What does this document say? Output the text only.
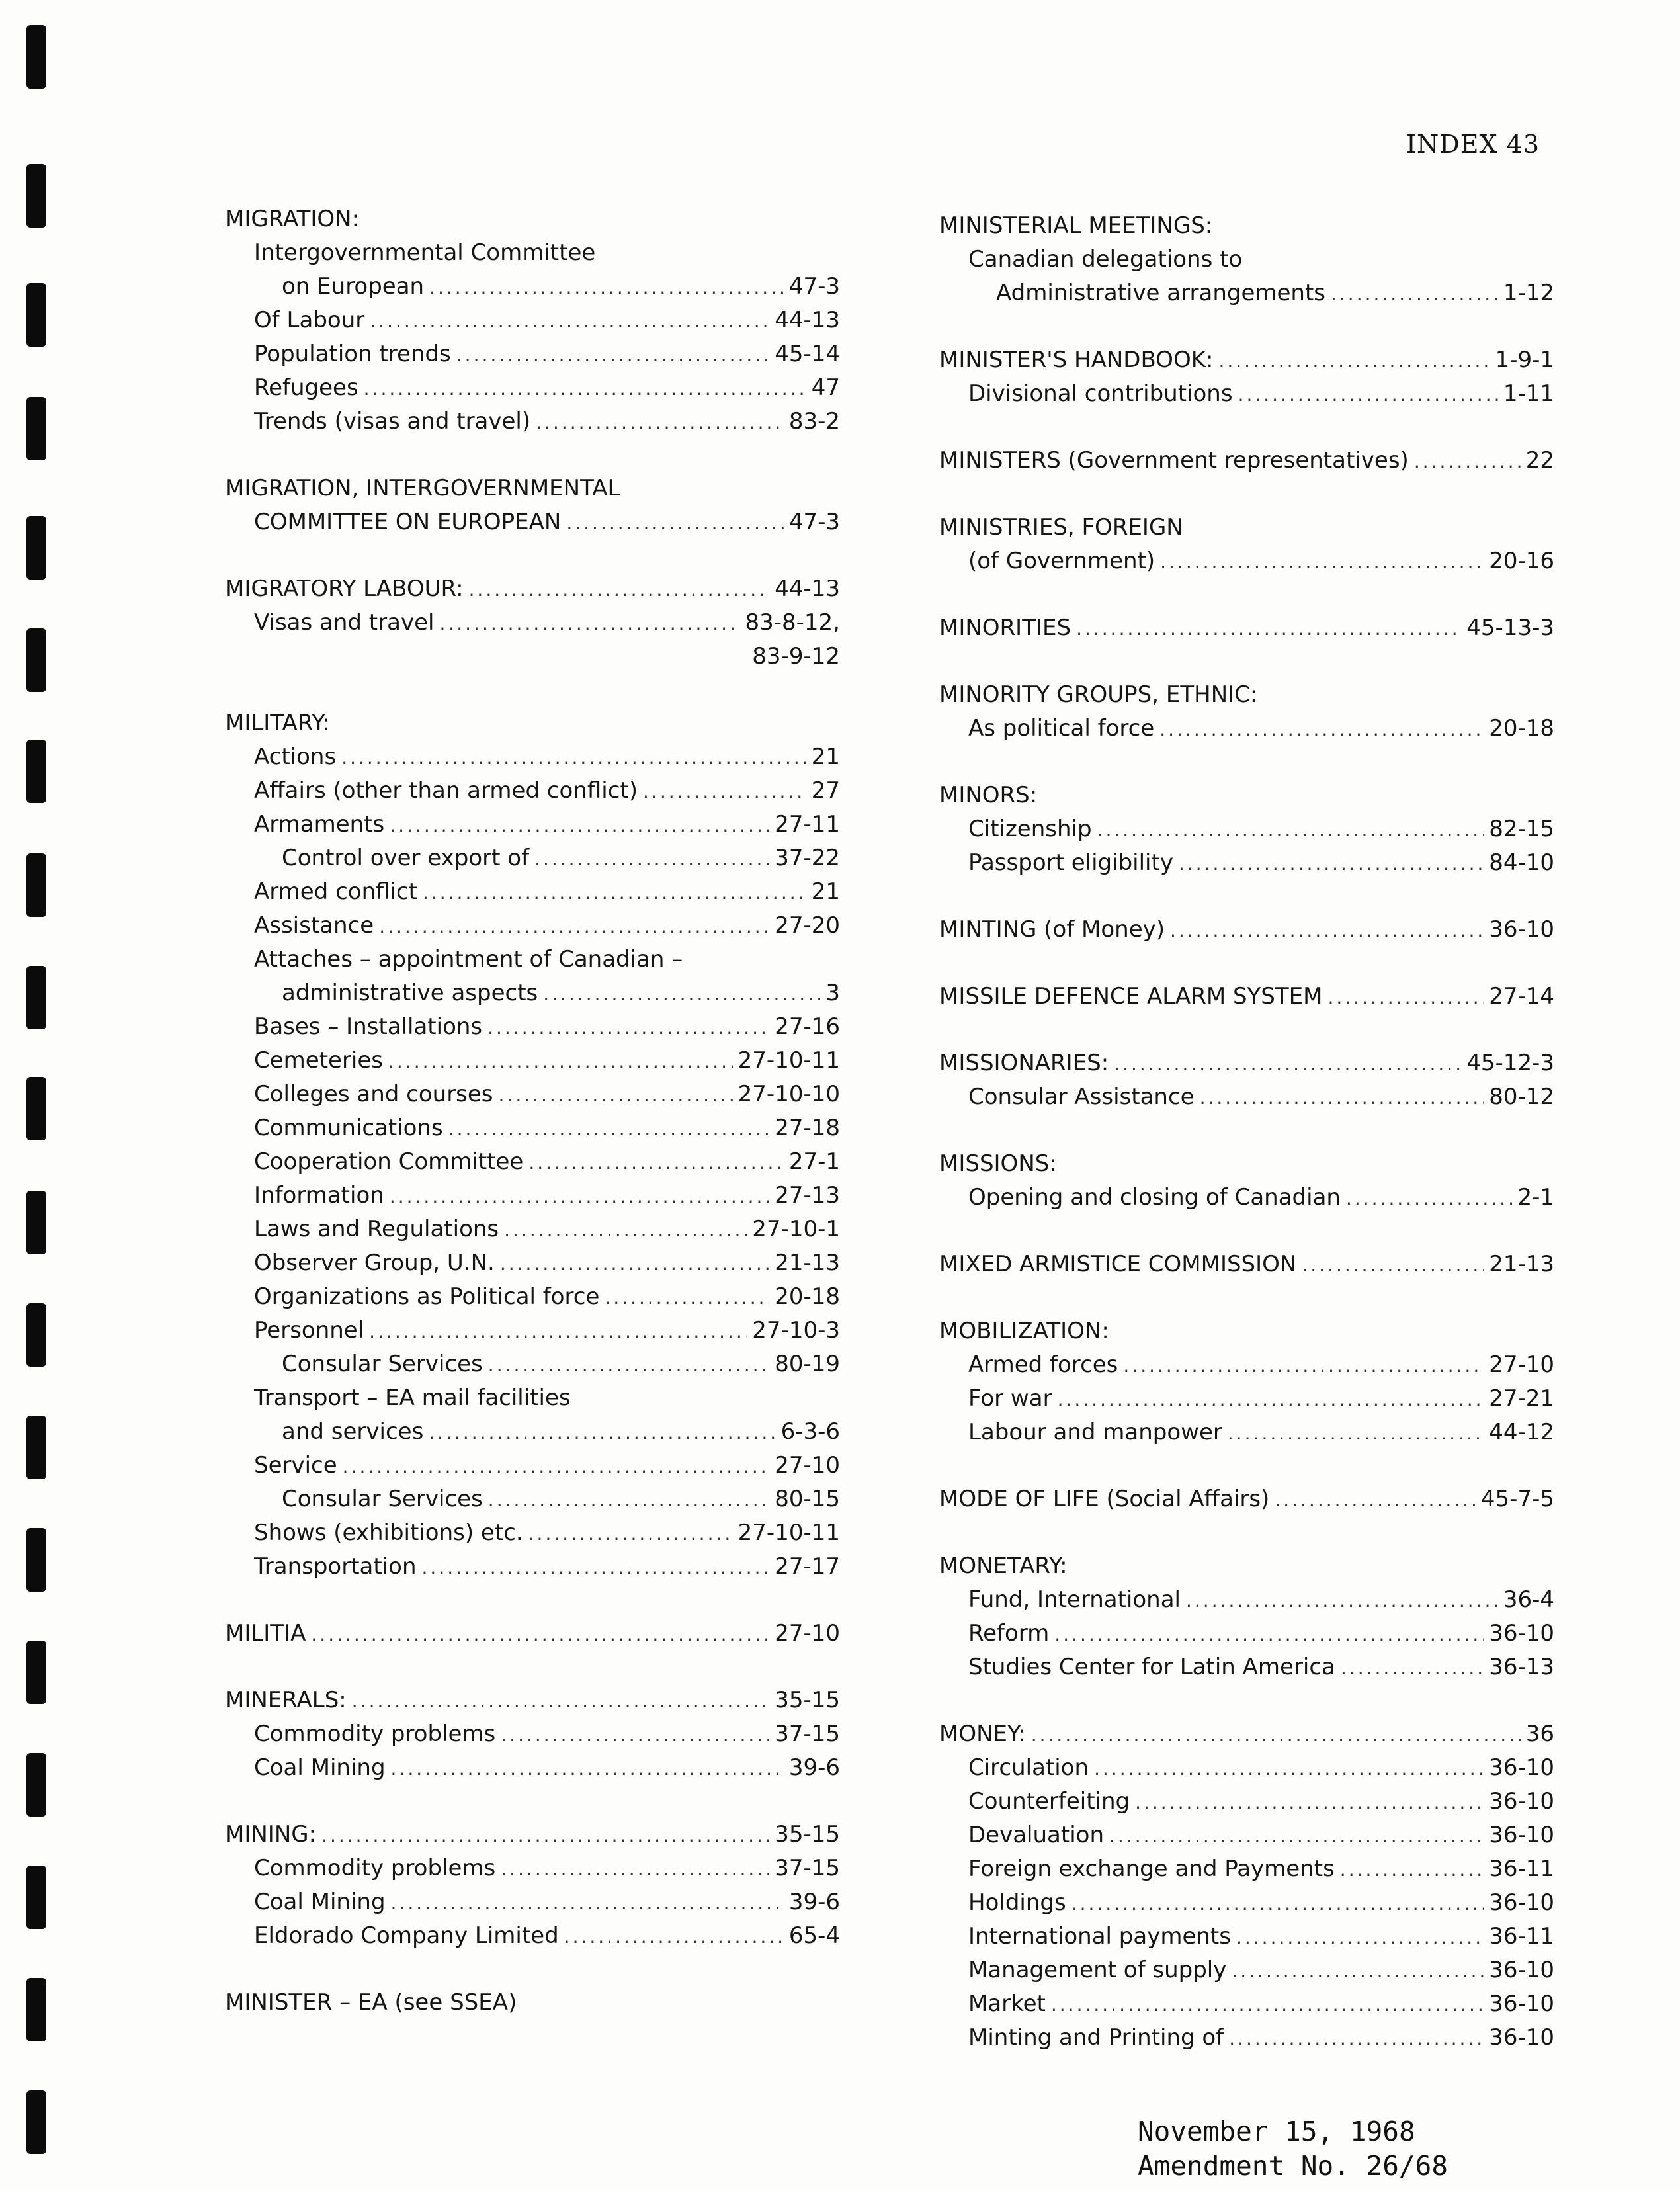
INDEX 43
MIGRATION:
Intergovernmental Committee
on European .....	47-3
Of Labour .....	44-13
Population trends .....	45-14
Refugees .....	47
Trends (visas and travel) .....	83-2
MIGRATION, INTERGOVERNMENTAL
COMMITTEE ON EUROPEAN .....	47-3
MIGRATORY LABOUR: .....	44-13
Visas and travel .....	83-8-12,
83-9-12
MILITARY:
Actions .....	21
Affairs (other than armed conflict) .....	27
Armaments .....	27-11
Control over export of .....	37-22
Armed conflict .....	21
Assistance .....	27-20
Attaches – appointment of Canadian –
administrative aspects .....	3
Bases – Installations .....	27-16
Cemeteries .....	27-10-11
Colleges and courses .....	27-10-10
Communications .....	27-18
Cooperation Committee .....	27-1
Information .....	27-13
Laws and Regulations .....	27-10-1
Observer Group, U.N. .....	21-13
Organizations as Political force .....	20-18
Personnel .....	27-10-3
Consular Services .....	80-19
Transport – EA mail facilities
and services .....	6-3-6
Service .....	27-10
Consular Services .....	80-15
Shows (exhibitions) etc. .....	27-10-11
Transportation .....	27-17
MILITIA .....	27-10
MINERALS: .....	35-15
Commodity problems .....	37-15
Coal Mining .....	39-6
MINING: .....	35-15
Commodity problems .....	37-15
Coal Mining .....	39-6
Eldorado Company Limited .....	65-4
MINISTER – EA (see SSEA)
MINISTERIAL MEETINGS:
Canadian delegations to
Administrative arrangements .....	1-12
MINISTER'S HANDBOOK: .....	1-9-1
Divisional contributions .....	1-11
MINISTERS (Government representatives) .....	22
MINISTRIES, FOREIGN
(of Government) .....	20-16
MINORITIES .....	45-13-3
MINORITY GROUPS, ETHNIC:
As political force .....	20-18
MINORS:
Citizenship .....	82-15
Passport eligibility .....	84-10
MINTING (of Money) .....	36-10
MISSILE DEFENCE ALARM SYSTEM .....	27-14
MISSIONARIES: .....	45-12-3
Consular Assistance .....	80-12
MISSIONS:
Opening and closing of Canadian .....	2-1
MIXED ARMISTICE COMMISSION .....	21-13
MOBILIZATION:
Armed forces .....	27-10
For war .....	27-21
Labour and manpower .....	44-12
MODE OF LIFE (Social Affairs) .....	45-7-5
MONETARY:
Fund, International .....	36-4
Reform .....	36-10
Studies Center for Latin America .....	36-13
MONEY: .....	36
Circulation .....	36-10
Counterfeiting .....	36-10
Devaluation .....	36-10
Foreign exchange and Payments .....	36-11
Holdings .....	36-10
International payments .....	36-11
Management of supply .....	36-10
Market .....	36-10
Minting and Printing of .....	36-10
November 15, 1968
Amendment No. 26/68
